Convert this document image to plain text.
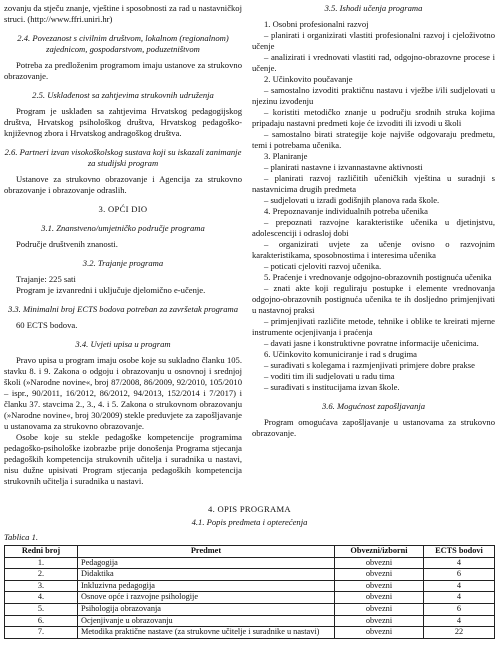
zovanju da stječu znanje, vještine i sposobnosti za rad u nastavničkoj struci. (http://www.ffri.uniri.hr)

2.4. Povezanost s civilnim društvom, lokalnom (regionalnom) zajednicom, gospodarstvom, poduzetništvom

Potreba za predloženim programom imaju ustanove za strukovno obrazovanje.

2.5. Usklađenost sa zahtjevima strukovnih udruženja

Program je usklađen sa zahtjevima Hrvatskog pedagogijskog društva, Hrvatskog psihološkog društva, Hrvatskog pedagoško-književnog zbora i Hrvatskog andragoškog društva.

2.6. Partneri izvan visokoškolskog sustava koji su iskazali zanimanje za studijski program

Ustanove za strukovno obrazovanje i Agencija za strukovno obrazovanje i obrazovanje odraslih.

3. OPĆI DIO
3.1. Znanstveno/umjetničko područje programa

Područje društvenih znanosti.

3.2. Trajanje programa

Trajanje: 225 sati

Program je izvanredni i uključuje djelomično e-učenje.

3.3. Minimalni broj ECTS bodova potreban za završetak programa

60 ECTS bodova.

3.4. Uvjeti upisa u program

Pravo upisa u program imaju osobe koje su sukladno članku 105. stavku 8. i 9. Zakona o odgoju i obrazovanju u osnovnoj i srednjoj školi (»Narodne novine«, broj 87/2008, 86/2009, 92/2010, 105/2010 – ispr., 90/2011, 16/2012, 86/2012, 94/2013, 152/2014 i 7/2017) i članku 37. stavcima 2., 3., 4. i 5. Zakona o strukovnom obrazovanju (»Narodne novine«, broj 30/2009) stekle preduvjete za zapošljavanje u ustanovama za strukovno obrazovanje.

Osobe koje su stekle pedagoške kompetencije programima pedagoško-psihološke izobrazbe prije donošenja Programa stjecanja pedagoških kompetencija strukovnih učitelja i suradnika u nastavi, nisu dužne upisivati Program stjecanja pedagoških kompetencija strukovnih učitelja i suradnika u nastavi.

3.5. Ishodi učenja programa

1. Osobni profesionalni razvoj

– planirati i organizirati vlastiti profesionalni razvoj i cjeloživotno učenje

– analizirati i vrednovati vlastiti rad, odgojno-obrazovne procese i učenje.

2. Učinkovito poučavanje

– samostalno izvoditi praktičnu nastavu i vježbe i/ili sudjelovati u njezinu izvođenju

– koristiti metodičko znanje u području srodnih struka kojima pripadaju nastavni predmeti koje će izvoditi ili izvodi u školi

– samostalno birati strategije koje najviše odgovaraju predmetu, temi i potrebama učenika.

3. Planiranje

– planirati nastavne i izvannastavne aktivnosti

– planirati razvoj različitih učeničkih vještina u suradnji s nastavnicima drugih predmeta

– sudjelovati u izradi godišnjih planova rada škole.

4. Prepoznavanje individualnih potreba učenika

– prepoznati razvojne karakteristike učenika u djetinjstvu, adolescenciji i odrasloj dobi

– organizirati uvjete za učenje ovisno o razvojnim karakteristikama, sposobnostima i interesima učenika

– poticati cjeloviti razvoj učenika.

5. Praćenje i vrednovanje odgojno-obrazovnih postignuća učenika

– znati akte koji reguliraju postupke i elemente vrednovanja odgojno-obrazovnih postignuća učenika te ih dosljedno primjenjivati u nastavnoj praksi

– primjenjivati različite metode, tehnike i oblike te kreirati mjerne instrumente ocjenjivanja i praćenja

– davati jasne i konstruktivne povratne informacije učenicima.

6. Učinkovito komuniciranje i rad s drugima

– surađivati s kolegama i razmjenjivati primjere dobre prakse

– voditi tim ili sudjelovati u radu tima

– surađivati s institucijama izvan škole.

3.6. Mogućnost zapošljavanja

Program omogućava zapošljavanje u ustanovama za strukovno obrazovanje.

4. OPIS PROGRAMA
4.1. Popis predmeta i opterećenja
Tablica 1.
Redni broj	Predmet	Obvezni/izborni	ECTS bodovi
1.	Pedagogija	obvezni	4
2.	Didaktika	obvezni	6
3.	Inkluzivna pedagogija	obvezni	4
4.	Osnove opće i razvojne psihologije	obvezni	4
5.	Psihologija obrazovanja	obvezni	6
6.	Ocjenjivanje u obrazovanju	obvezni	4
7.	Metodika praktične nastave (za strukovne učitelje i suradnike u nastavi)	obvezni	22
